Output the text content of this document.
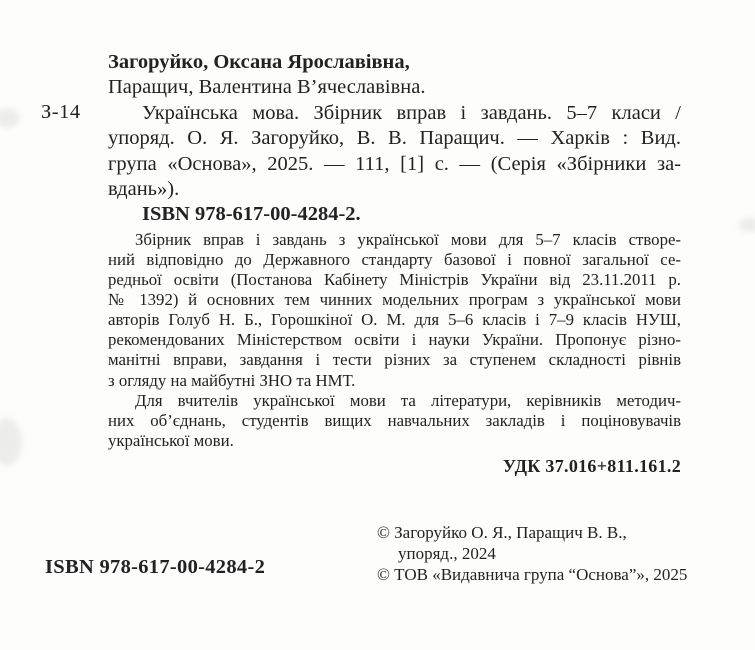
З-14
Загоруйко, Оксана Ярославівна,
Паращич, Валентина В’ячеславівна.
Українська мова. Збірник вправ і завдань. 5–7 класи /
упоряд. О. Я. Загоруйко, В. В. Паращич. — Харків : Вид.
група «Основа», 2025. — 111, [1] с. — (Серія «Збірники за-
вдань»).
ISBN 978-617-00-4284-2.
Збірник вправ і завдань з української мови для 5–7 класів створе-
ний відповідно до Державного стандарту базової і повної загальної се-
редньої освіти (Постанова Кабінету Міністрів України від 23.11.2011 р.
№ 1392) й основних тем чинних модельних програм з української мови
авторів Голуб Н. Б., Горошкіної О. М. для 5–6 класів і 7–9 класів НУШ,
рекомендованих Міністерством освіти і науки України. Пропонує різно-
манітні вправи, завдання і тести різних за ступенем складності рівнів
з огляду на майбутні ЗНО та НМТ.
Для вчителів української мови та літератури, керівників методич-
них об’єднань, студентів вищих навчальних закладів і поціновувачів
української мови.
УДК 37.016+811.161.2
ISBN 978-617-00-4284-2
© Загоруйко О. Я., Паращич В. В.,
упоряд., 2024
© ТОВ «Видавнича група “Основа”», 2025
